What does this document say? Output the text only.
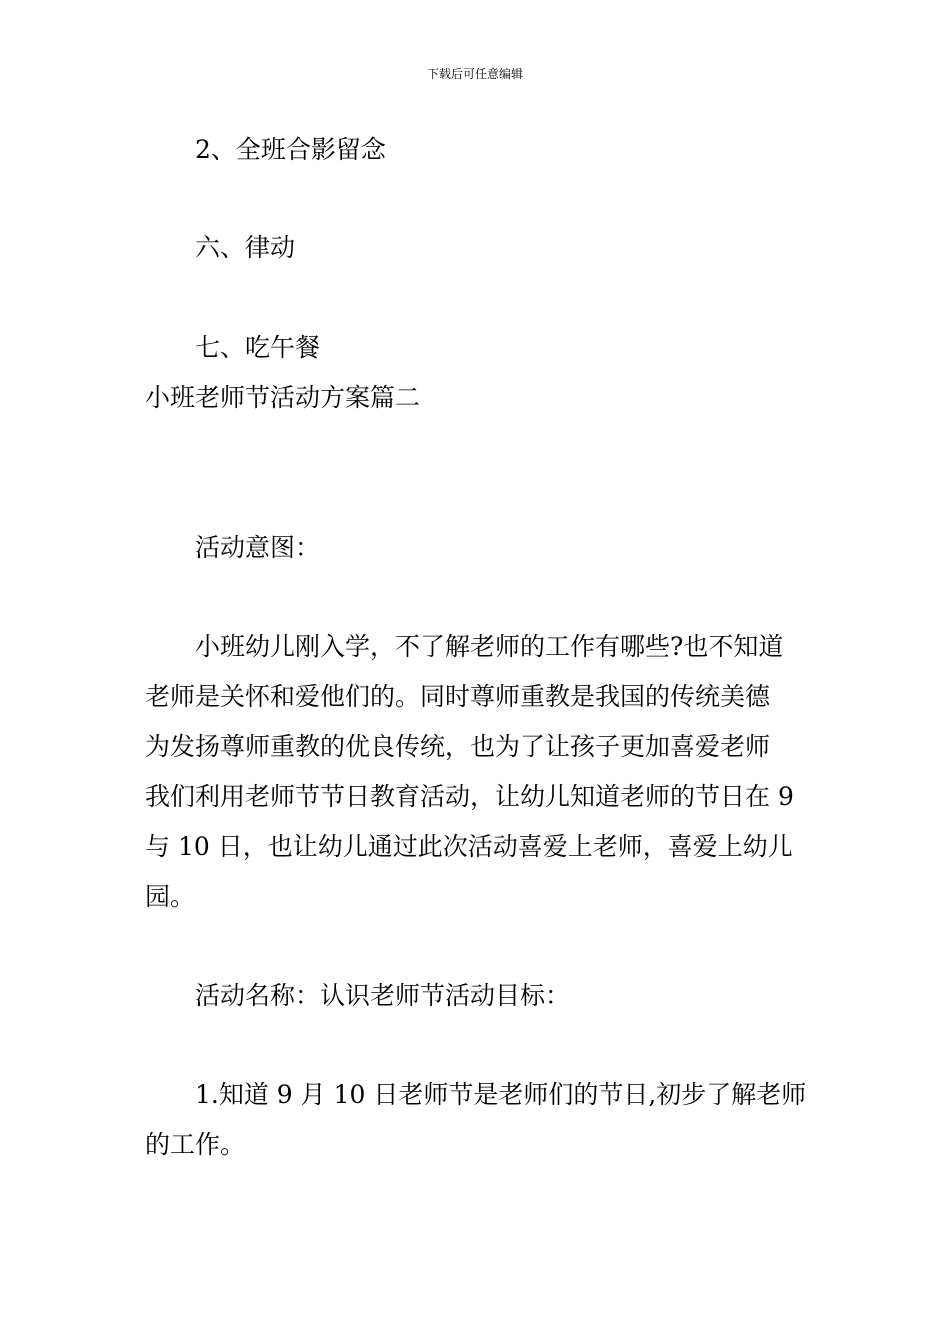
下载后可任意编辑
2、全班合影留念
六、律动
七、吃午餐
小班老师节活动方案篇二
活动意图：
小班幼儿刚入学，不了解老师的工作有哪些?也不知道
老师是关怀和爱他们的。同时尊师重教是我国的传统美德
为发扬尊师重教的优良传统，也为了让孩子更加喜爱老师
我们利用老师节节日教育活动，让幼儿知道老师的节日在 9
与 10 日，也让幼儿通过此次活动喜爱上老师，喜爱上幼儿
园。
活动名称：认识老师节活动目标：
1.知道 9 月 10 日老师节是老师们的节日,初步了解老师
的工作。
